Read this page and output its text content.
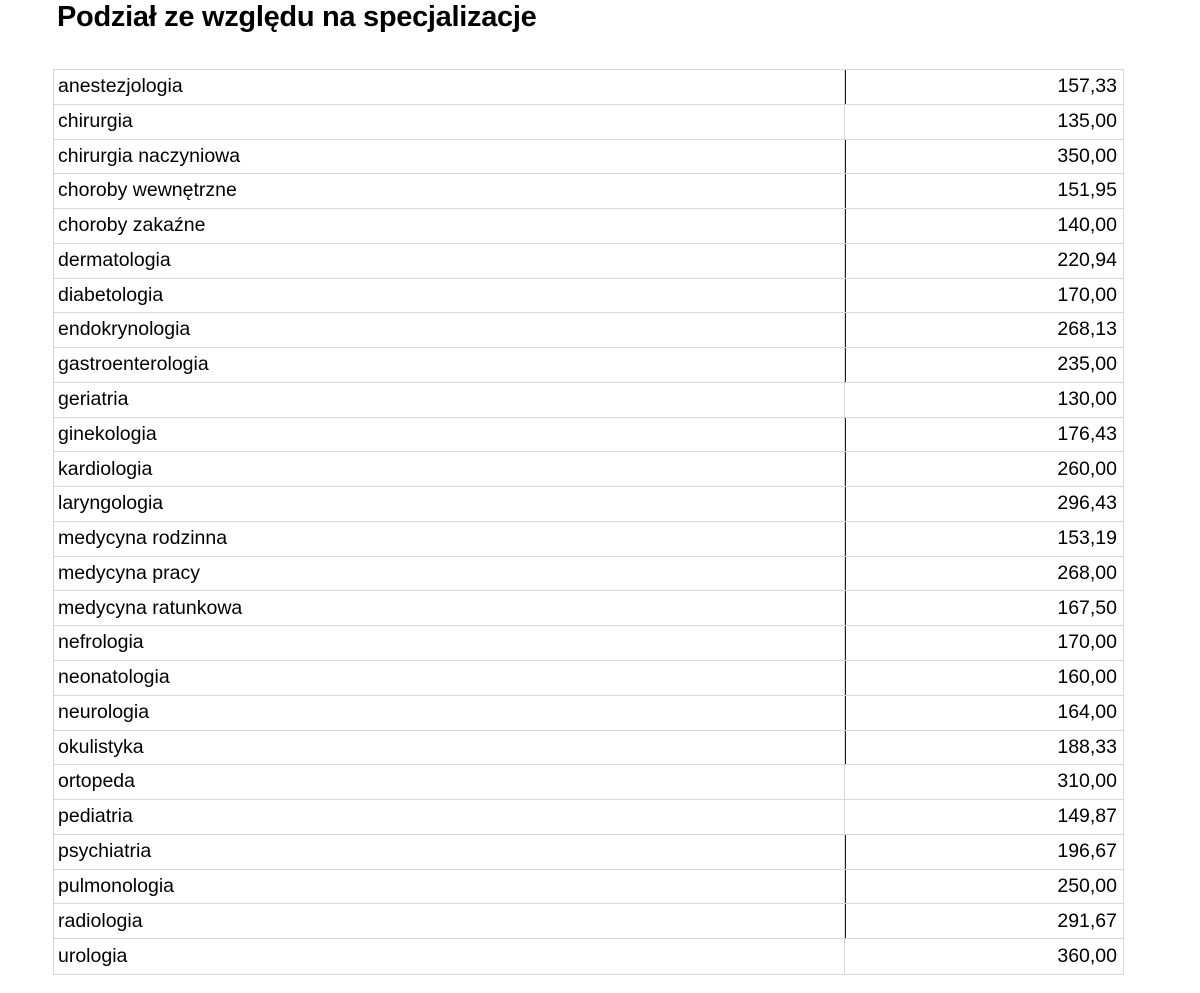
Podział ze względu na specjalizacje
anestezjologia	157,33
chirurgia	135,00
chirurgia naczyniowa	350,00
choroby wewnętrzne	151,95
choroby zakaźne	140,00
dermatologia	220,94
diabetologia	170,00
endokrynologia	268,13
gastroenterologia	235,00
geriatria	130,00
ginekologia	176,43
kardiologia	260,00
laryngologia	296,43
medycyna rodzinna	153,19
medycyna pracy	268,00
medycyna ratunkowa	167,50
nefrologia	170,00
neonatologia	160,00
neurologia	164,00
okulistyka	188,33
ortopeda	310,00
pediatria	149,87
psychiatria	196,67
pulmonologia	250,00
radiologia	291,67
urologia	360,00
